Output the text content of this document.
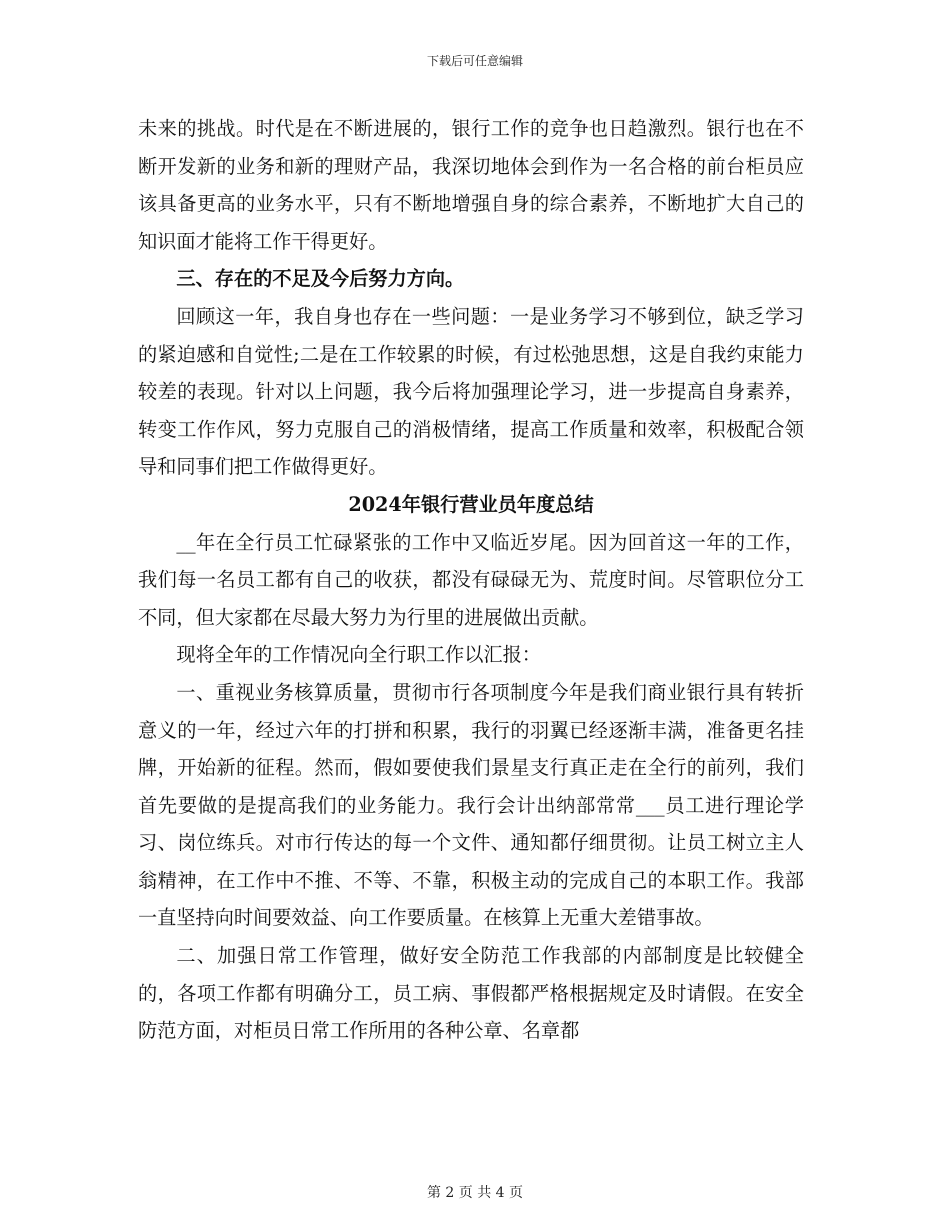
下载后可任意编辑

未来的挑战。时代是在不断进展的，银行工作的竞争也日趋激烈。银行也在不断开发新的业务和新的理财产品，我深切地体会到作为一名合格的前台柜员应该具备更高的业务水平，只有不断地增强自身的综合素养，不断地扩大自己的知识面才能将工作干得更好。

三、存在的不足及今后努力方向。

回顾这一年，我自身也存在一些问题：一是业务学习不够到位，缺乏学习的紧迫感和自觉性;二是在工作较累的时候，有过松弛思想，这是自我约束能力较差的表现。针对以上问题，我今后将加强理论学习，进一步提高自身素养，转变工作作风，努力克服自己的消极情绪，提高工作质量和效率，积极配合领导和同事们把工作做得更好。

2024年银行营业员年度总结

__年在全行员工忙碌紧张的工作中又临近岁尾。因为回首这一年的工作，我们每一名员工都有自己的收获，都没有碌碌无为、荒度时间。尽管职位分工不同，但大家都在尽最大努力为行里的进展做出贡献。

现将全年的工作情况向全行职工作以汇报：

一、重视业务核算质量，贯彻市行各项制度今年是我们商业银行具有转折意义的一年，经过六年的打拼和积累，我行的羽翼已经逐渐丰满，准备更名挂牌，开始新的征程。然而，假如要使我们景星支行真正走在全行的前列，我们首先要做的是提高我们的业务能力。我行会计出纳部常常___员工进行理论学习、岗位练兵。对市行传达的每一个文件、通知都仔细贯彻。让员工树立主人翁精神，在工作中不推、不等、不靠，积极主动的完成自己的本职工作。我部一直坚持向时间要效益、向工作要质量。在核算上无重大差错事故。

二、加强日常工作管理，做好安全防范工作我部的内部制度是比较健全的，各项工作都有明确分工，员工病、事假都严格根据规定及时请假。在安全防范方面，对柜员日常工作所用的各种公章、名章都

第 2 页 共 4 页
